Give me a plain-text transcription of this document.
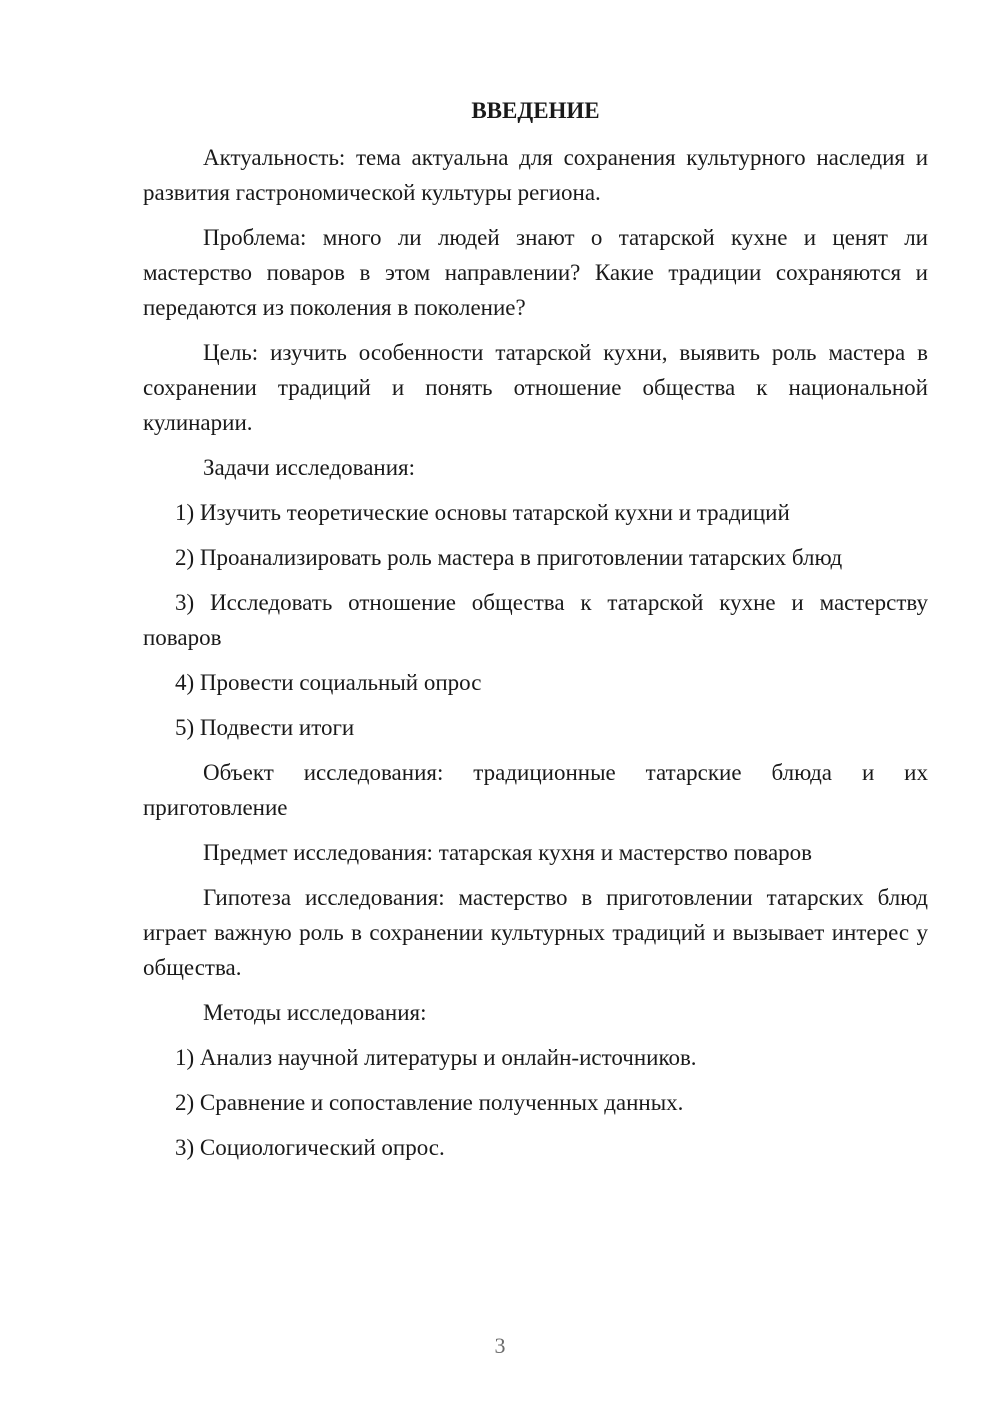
ВВЕДЕНИЕ

Актуальность: тема актуальна для сохранения культурного наследия и развития гастрономической культуры региона.

Проблема: много ли людей знают о татарской кухне и ценят ли мастерство поваров в этом направлении? Какие традиции сохраняются и передаются из поколения в поколение?

Цель: изучить особенности татарской кухни, выявить роль мастера в сохранении традиций и понять отношение общества к национальной кулинарии.

Задачи исследования:

1) Изучить теоретические основы татарской кухни и традиций

2) Проанализировать роль мастера в приготовлении татарских блюд

3) Исследовать отношение общества к татарской кухне и мастерству поваров

4) Провести социальный опрос

5) Подвести итоги

Объект исследования: традиционные татарские блюда и их приготовление

Предмет исследования: татарская кухня и мастерство поваров

Гипотеза исследования: мастерство в приготовлении татарских блюд играет важную роль в сохранении культурных традиций и вызывает интерес у общества.

Методы исследования:

1) Анализ научной литературы и онлайн-источников.

2) Сравнение и сопоставление полученных данных.

3) Социологический опрос.

3
